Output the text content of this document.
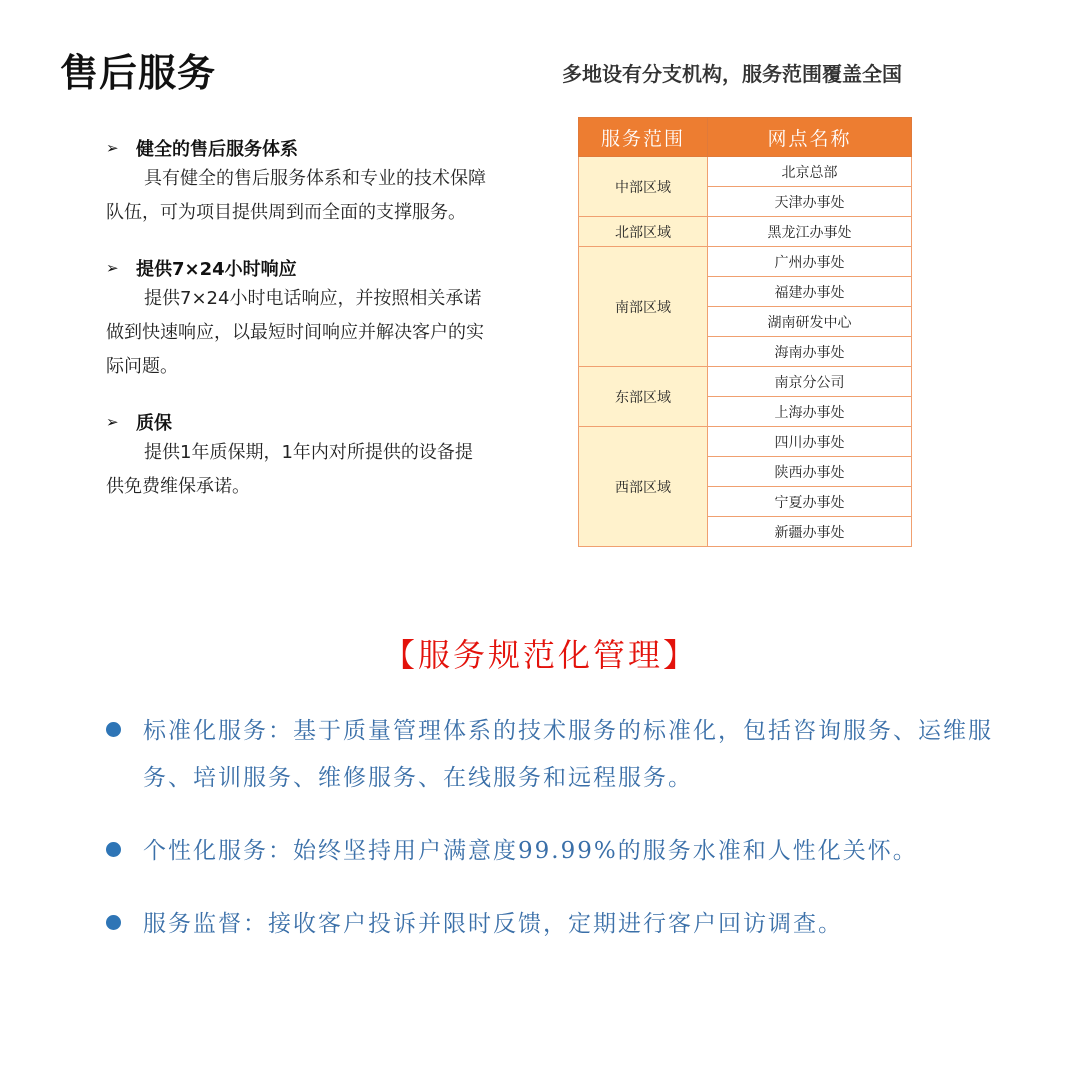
售后服务	多地设有分支机构，服务范围覆盖全国
➢ 健全的售后服务体系
具有健全的售后服务体系和专业的技术保障队伍，可为项目提供周到而全面的支撑服务。
➢ 提供7×24小时响应
提供7×24小时电话响应，并按照相关承诺做到快速响应，以最短时间响应并解决客户的实际问题。
➢ 质保
提供1年质保期，1年内对所提供的设备提供免费维保承诺。
服务范围	网点名称
中部区域	北京总部
	天津办事处
北部区域	黑龙江办事处
南部区域	广州办事处
	福建办事处
	湖南研发中心
	海南办事处
东部区域	南京分公司
	上海办事处
西部区域	四川办事处
	陕西办事处
	宁夏办事处
	新疆办事处
【服务规范化管理】
标准化服务：基于质量管理体系的技术服务的标准化，包括咨询服务、运维服务、培训服务、维修服务、在线服务和远程服务。
个性化服务：始终坚持用户满意度99.99%的服务水准和人性化关怀。
服务监督：接收客户投诉并限时反馈，定期进行客户回访调查。
